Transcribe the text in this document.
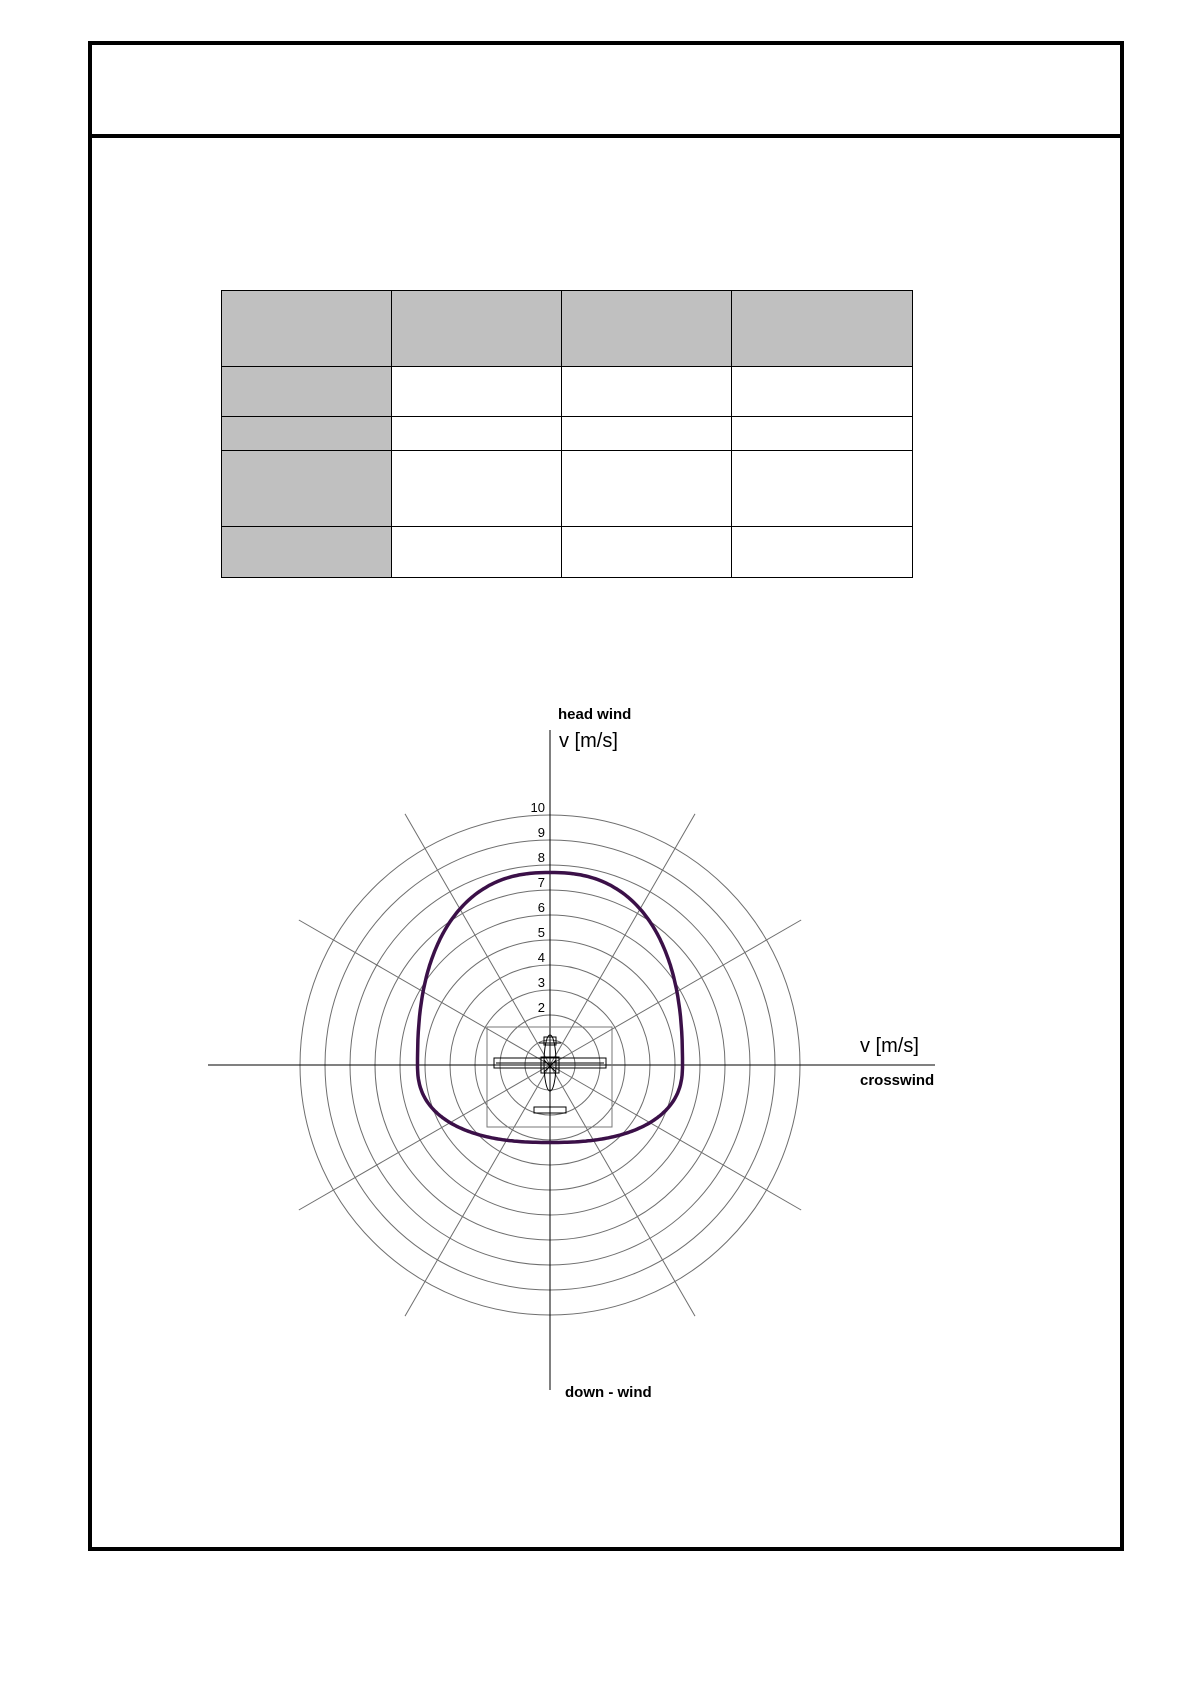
2
3
4
5
6
7
8
9
10
head wind
v [m/s]
v [m/s]
crosswind
down - wind
